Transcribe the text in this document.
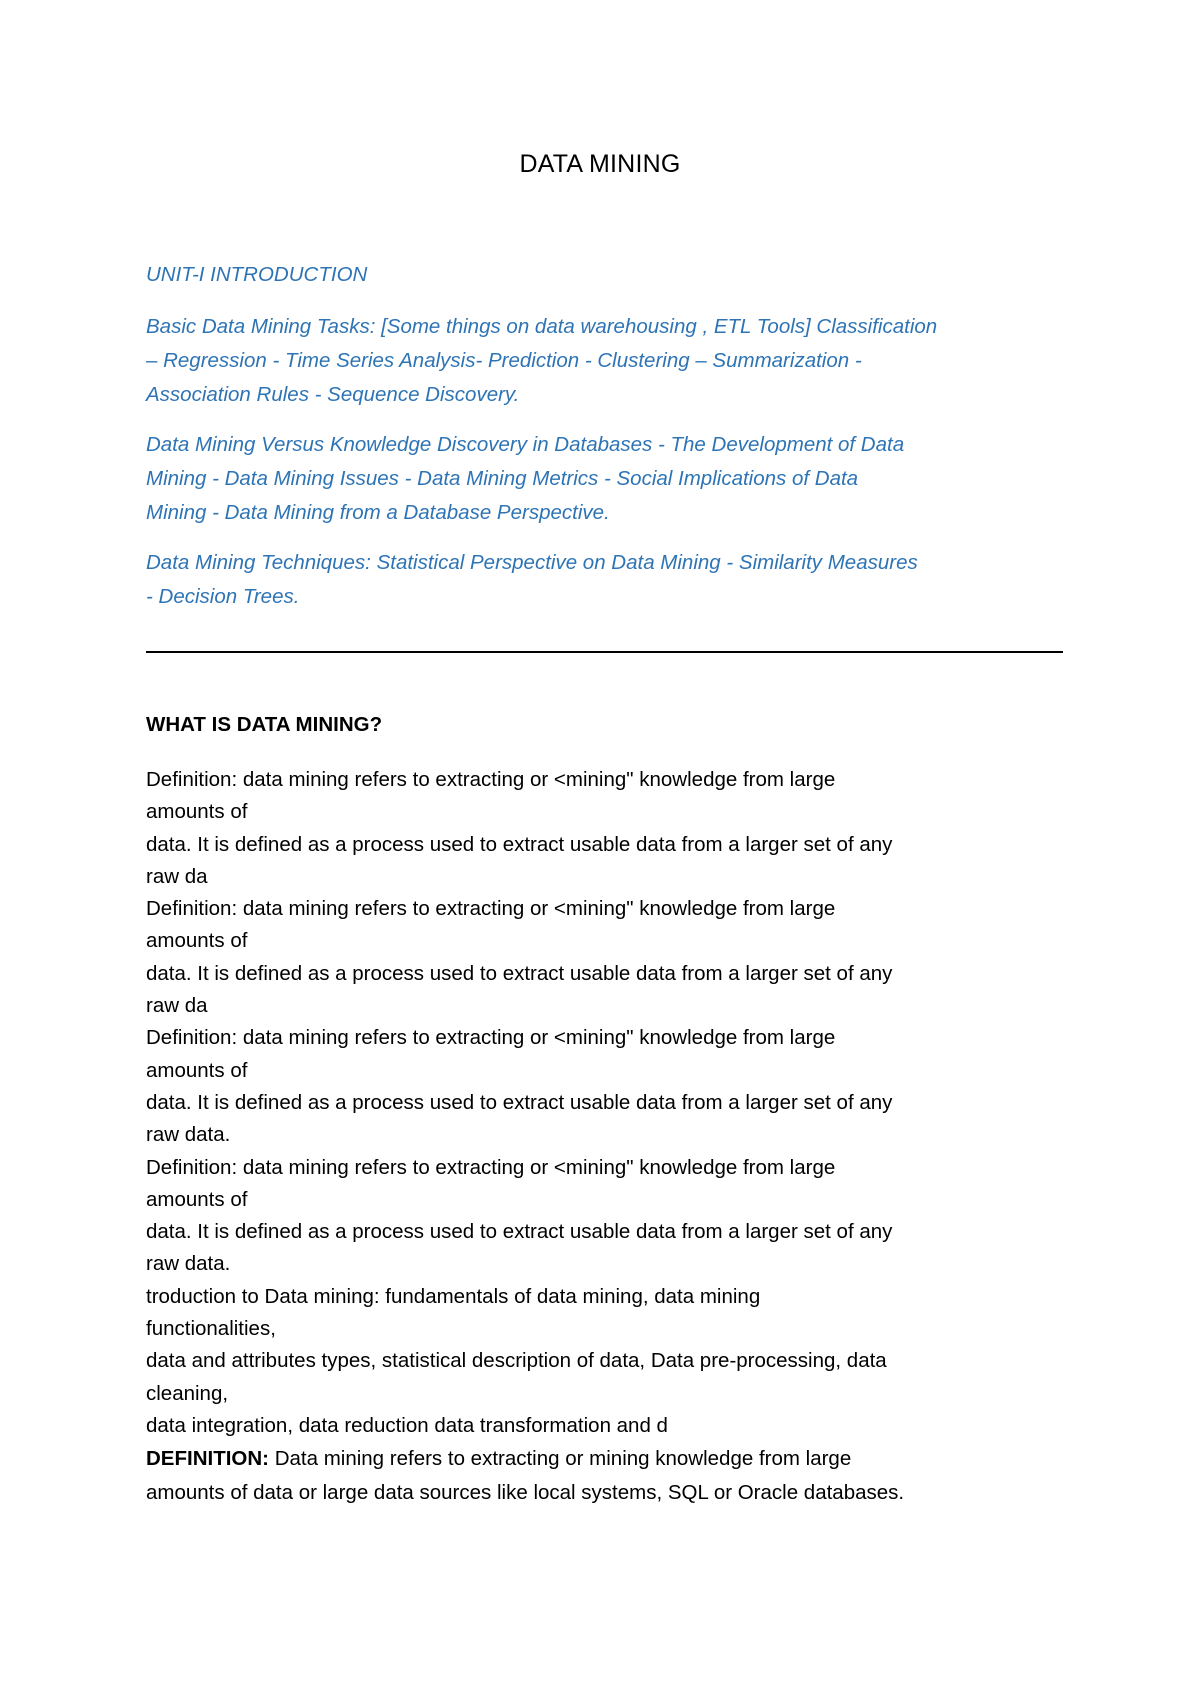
DATA MINING

UNIT-I INTRODUCTION

Basic Data Mining Tasks: [Some things on data warehousing , ETL Tools] Classification

– Regression - Time Series Analysis- Prediction - Clustering – Summarization -

Association Rules - Sequence Discovery.

Data Mining Versus Knowledge Discovery in Databases - The Development of Data

Mining - Data Mining Issues - Data Mining Metrics - Social Implications of Data

Mining - Data Mining from a Database Perspective.

Data Mining Techniques: Statistical Perspective on Data Mining - Similarity Measures

- Decision Trees.

WHAT IS DATA MINING?

Definition: data mining refers to extracting or <mining" knowledge from large
amounts of
data. It is defined as a process used to extract usable data from a larger set of any
raw da
Definition: data mining refers to extracting or <mining" knowledge from large
amounts of
data. It is defined as a process used to extract usable data from a larger set of any
raw da
Definition: data mining refers to extracting or <mining" knowledge from large
amounts of
data. It is defined as a process used to extract usable data from a larger set of any
raw data.
Definition: data mining refers to extracting or <mining" knowledge from large
amounts of
data. It is defined as a process used to extract usable data from a larger set of any
raw data.
troduction to Data mining: fundamentals of data mining, data mining
functionalities,
data and attributes types, statistical description of data, Data pre-processing, data
cleaning,
data integration, data reduction data transformation and d
DEFINITION: Data mining refers to extracting or mining knowledge from large
amounts of data or large data sources like local systems, SQL or Oracle databases.
